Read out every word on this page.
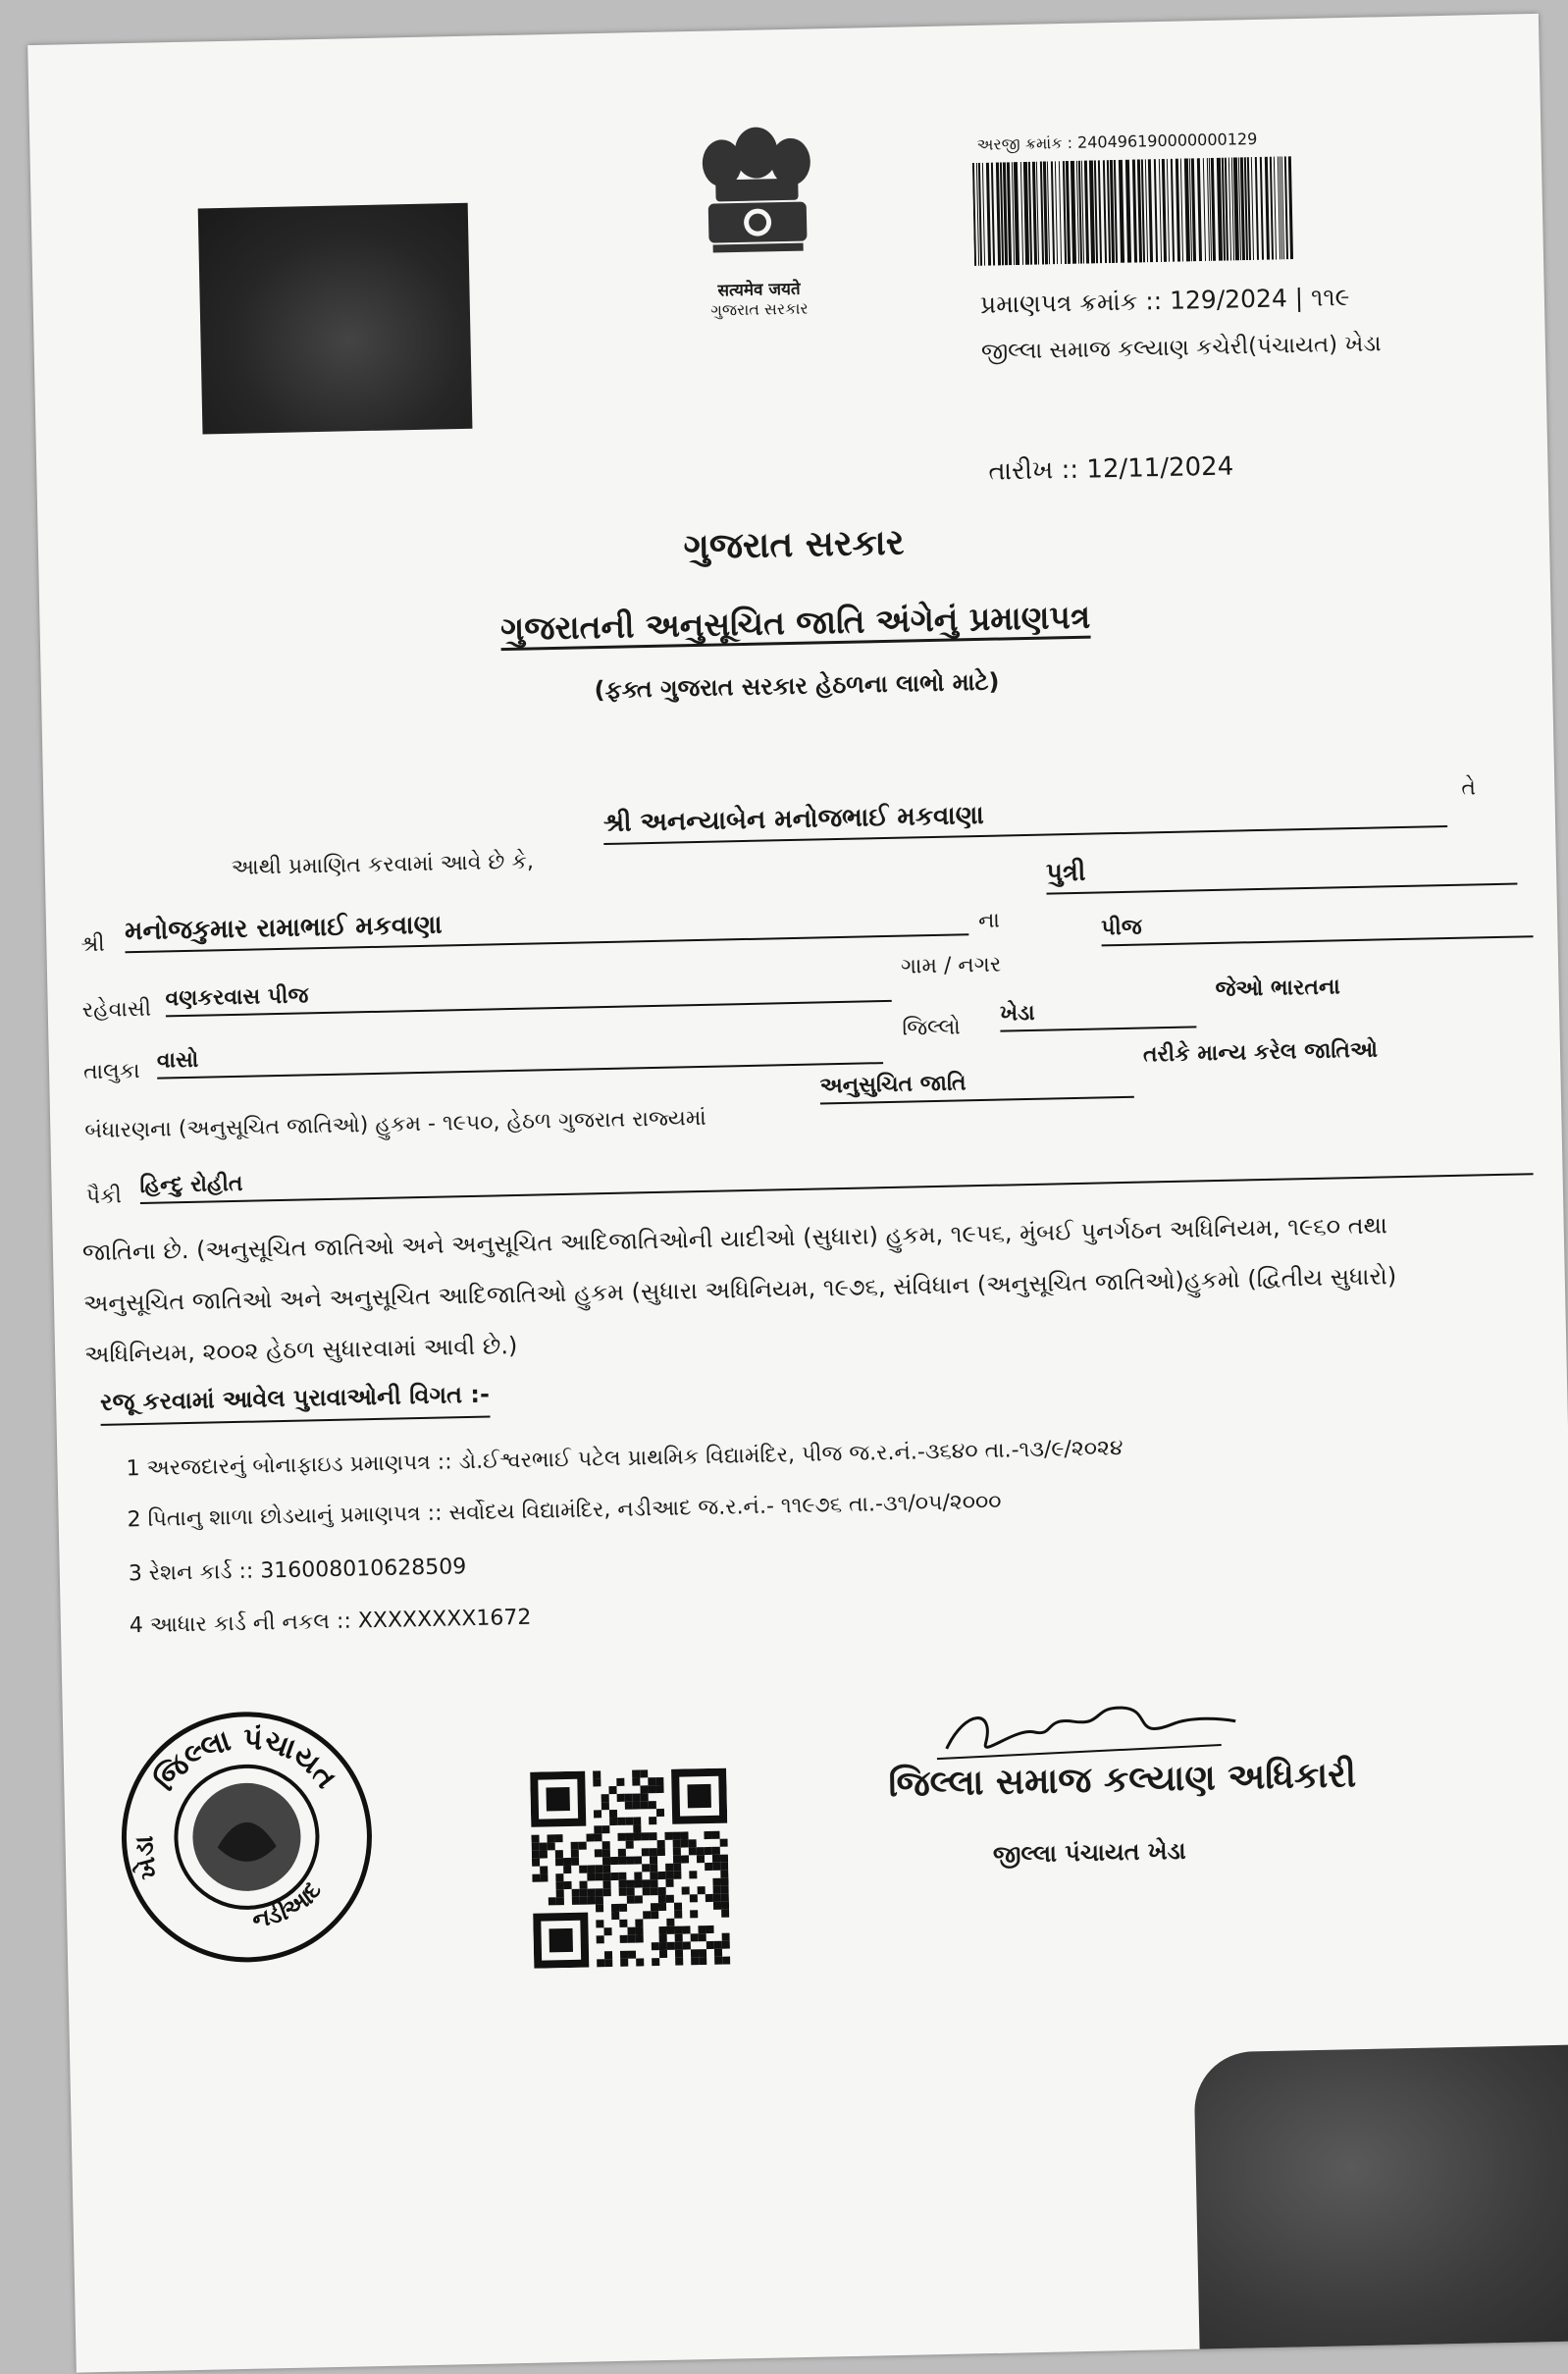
सत्यमेव जयते
ગુજરાત સરકાર
અરજી ક્રમાંક : 240496190000000129
પ્રમાણપત્ર ક્રમાંક :: 129/2024 | ૧૧૯
જીલ્લા સમાજ કલ્યાણ કચેરી(પંચાયત) ખેડા
તારીખ :: 12/11/2024
ગુજરાત સરકાર
ગુજરાતની અનુસૂચિત જાતિ અંગેનું પ્રમાણપત્ર
(ફક્ત ગુજરાત સરકાર હેઠળના લાભો માટે)
આથી પ્રમાણિત કરવામાં આવે છે કે,
શ્રી અનન્યાબેન મનોજભાઈ મકવાણા
તે
શ્રી મનોજકુમાર રામાભાઈ મકવાણા	ના
પુત્રી
રહેવાસી વણકરવાસ પીજ
ગામ / નગર
પીજ
તાલુકા વાસો
જિલ્લો
ખેડા
જેઓ ભારતના
બંધારણના (અનુસૂચિત જાતિઓ) હુકમ - ૧૯૫૦, હેઠળ ગુજરાત રાજ્યમાં
અનુસુચિત જાતિ
તરીકે માન્ય કરેલ જાતિઓ
પૈકી હિન્દુ રોહીત
જાતિના છે. (અનુસૂચિત જાતિઓ અને અનુસૂચિત આદિજાતિઓની યાદીઓ (સુધારા) હુકમ, ૧૯૫૬, મુંબઈ પુનર્ગઠન અધિનિયમ, ૧૯૬૦ તથા
અનુસૂચિત જાતિઓ અને અનુસૂચિત આદિજાતિઓ હુકમ (સુધારા અધિનિયમ, ૧૯૭૬, સંવિધાન (અનુસૂચિત જાતિઓ)હુકમો (દ્વિતીય સુધારો)
અધિનિયમ, ૨૦૦૨ હેઠળ સુધારવામાં આવી છે.)
રજૂ કરવામાં આવેલ પુરાવાઓની વિગત :-
1 અરજદારનું બોનાફાઇડ પ્રમાણપત્ર :: ડો.ઈશ્વરભાઈ પટેલ પ્રાથમિક વિદ્યામંદિર, પીજ જ.ર.નં.-૩૬૪૦ તા.-૧૩/૯/૨૦૨૪
2 પિતાનુ શાળા છોડયાનું પ્રમાણપત્ર :: સર્વોદય વિદ્યામંદિર, નડીઆદ જ.ર.નં.- ૧૧૯૭૬ તા.-૩૧/૦૫/૨૦૦૦
3 રેશન કાર્ડ :: 316008010628509
4 આધાર કાર્ડ ની નકલ :: XXXXXXXX1672
જિલ્લા પંચાયત
ખેડા
નડીઆદ
જિલ્લા સમાજ કલ્યાણ અધિકારી
જીલ્લા પંચાયત ખેડા
